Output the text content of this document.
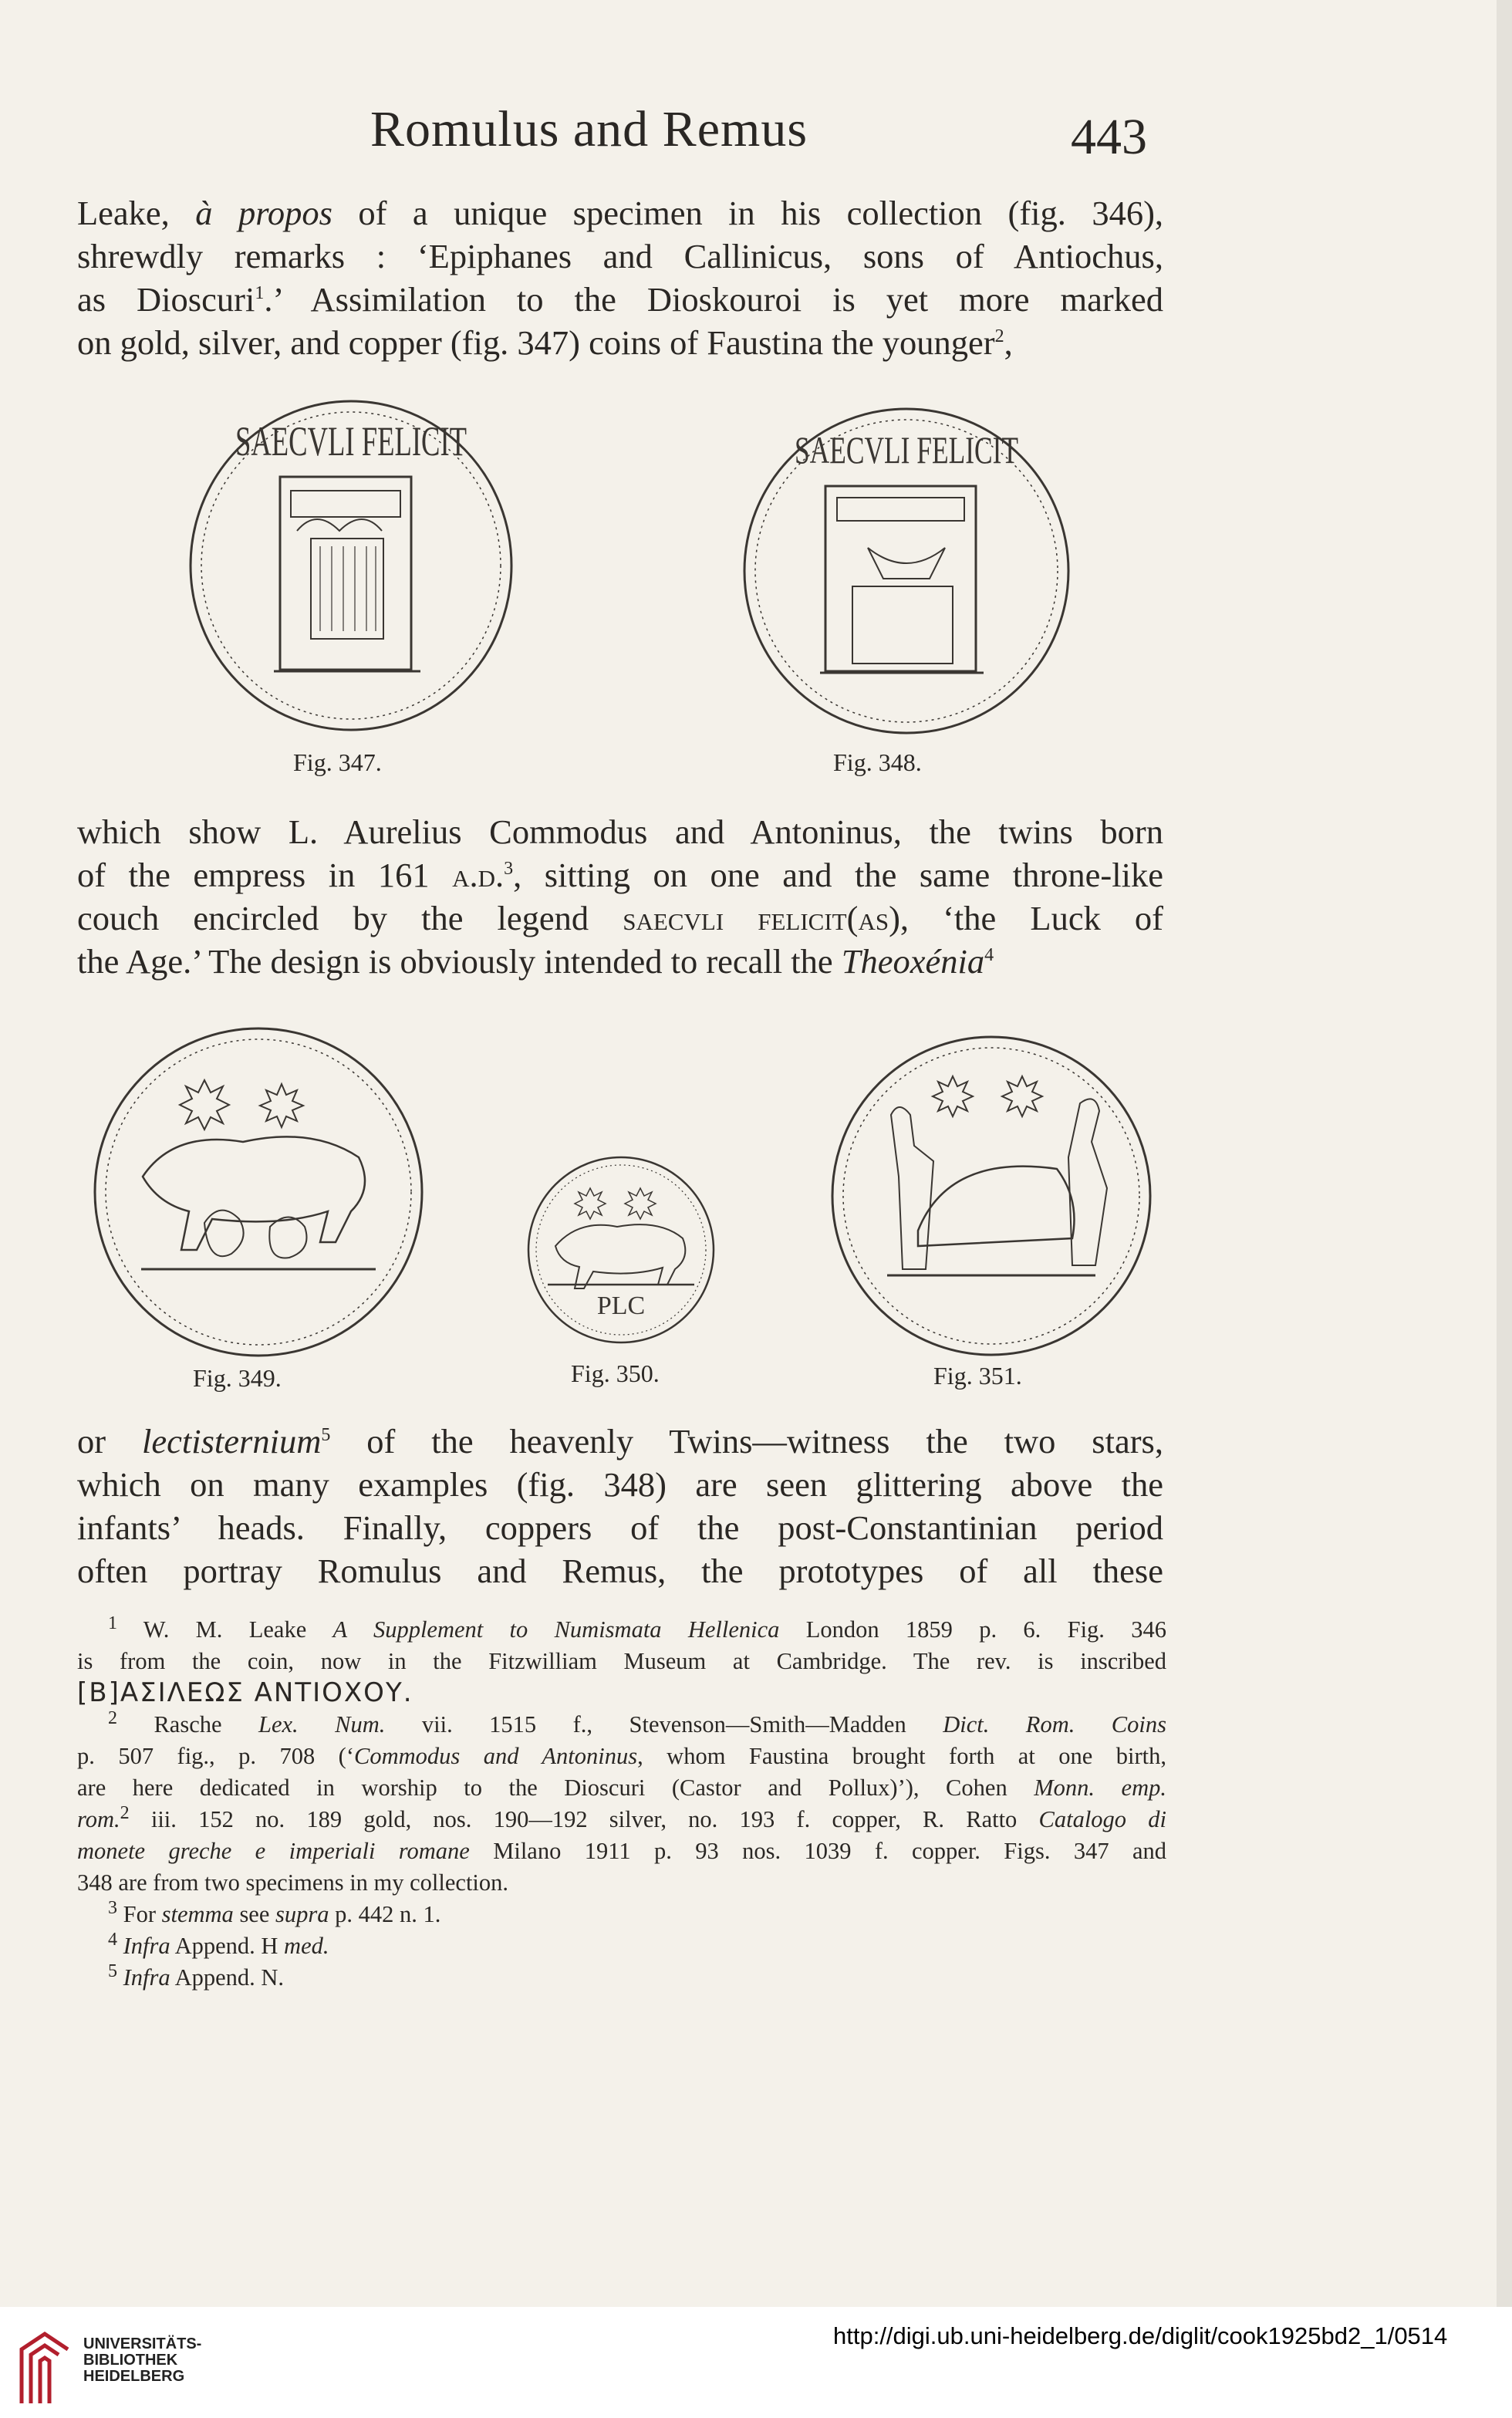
Romulus and Remus	443

Leake, à propos of a unique specimen in his collection (fig. 346),
shrewdly remarks : ‘Epiphanes and Callinicus, sons of Antiochus,
as Dioscuri$^1$.’ Assimilation to the Dioskouroi is yet more marked
on gold, silver, and copper (fig. 347) coins of Faustina the younger$^2$,

SAECVLI FELICIT
Fig. 347.
SAECVLI FELICIT
Fig. 348.

which show L. Aurelius Commodus and Antoninus, the twins born
of the empress in 161 a.d.$^3$, sitting on one and the same throne-like
couch encircled by the legend saecvli felicit(as), ‘the Luck of
the Age.’ The design is obviously intended to recall the Theoxénia$^4$

Fig. 349.
PLC
Fig. 350.	Fig. 351.

or lectisternium$^5$ of the heavenly Twins—witness the two stars,
which on many examples (fig. 348) are seen glittering above the
infants’ heads. Finally, coppers of the post-Constantinian period
often portray Romulus and Remus, the prototypes of all these

$^1$ W. M. Leake A Supplement to Numismata Hellenica London 1859 p. 6. Fig. 346
is from the coin, now in the Fitzwilliam Museum at Cambridge. The rev. is inscribed
[B]ΑΣΙΛΕΩΣ ΑΝΤΙΟΧΟΥ.
$^2$ Rasche Lex. Num. vii. 1515 f., Stevenson—Smith—Madden Dict. Rom. Coins
p. 507 fig., p. 708 (‘Commodus and Antoninus, whom Faustina brought forth at one birth,
are here dedicated in worship to the Dioscuri (Castor and Pollux)’), Cohen Monn. emp.
rom.$^2$ iii. 152 no. 189 gold, nos. 190—192 silver, no. 193 f. copper, R. Ratto Catalogo di
monete greche e imperiali romane Milano 1911 p. 93 nos. 1039 f. copper. Figs. 347 and
348 are from two specimens in my collection.
$^3$ For stemma see supra p. 442 n. 1.
$^4$ Infra Append. H med.
$^5$ Infra Append. N.
UNIVERSITÄTS-
BIBLIOTHEK
HEIDELBERG
http://digi.ub.uni-heidelberg.de/diglit/cook1925bd2_1/0514
